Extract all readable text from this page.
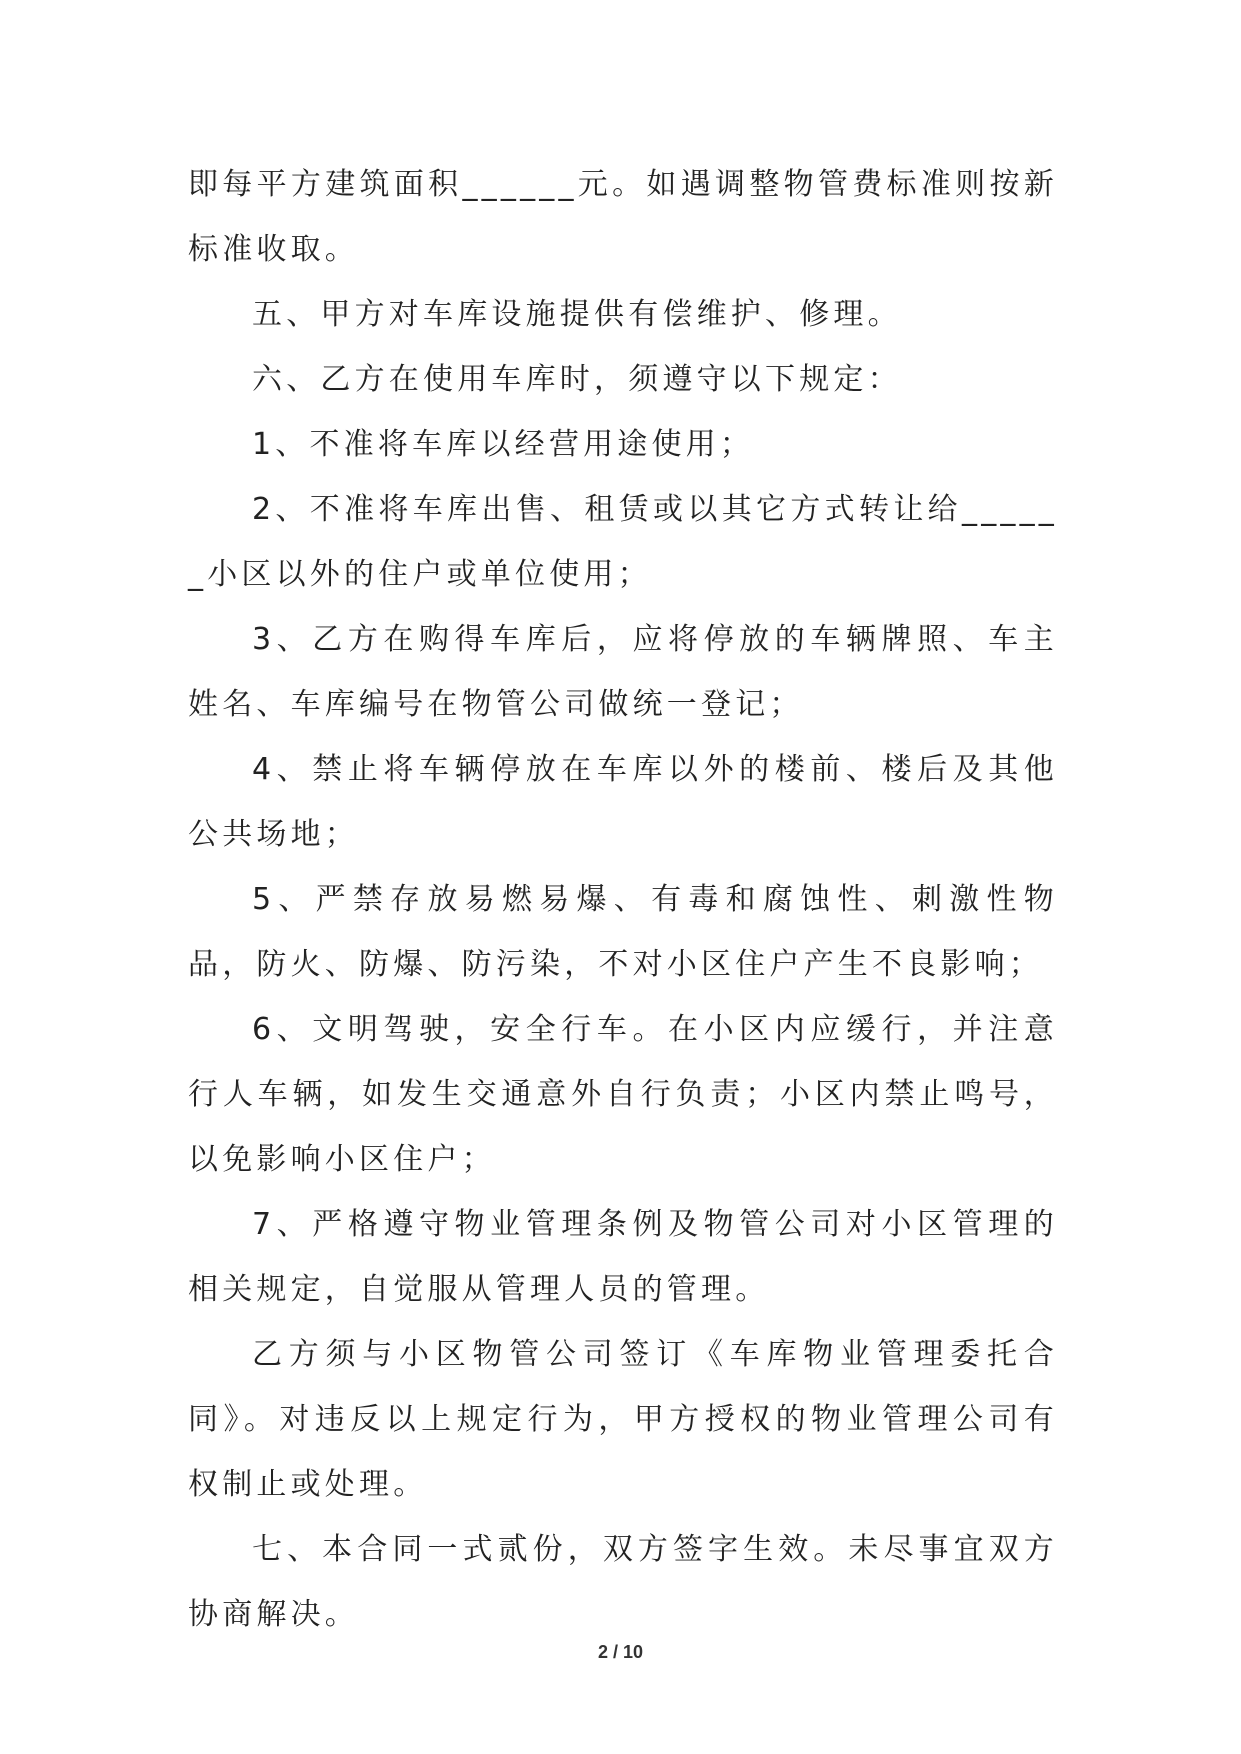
即每平方建筑面积______元。如遇调整物管费标准则按新标准收取。

五、甲方对车库设施提供有偿维护、修理。

六、乙方在使用车库时，须遵守以下规定：

1、不准将车库以经营用途使用；

2、不准将车库出售、租赁或以其它方式转让给______小区以外的住户或单位使用；

3、乙方在购得车库后，应将停放的车辆牌照、车主姓名、车库编号在物管公司做统一登记；

4、禁止将车辆停放在车库以外的楼前、楼后及其他公共场地；

5、严禁存放易燃易爆、有毒和腐蚀性、刺激性物品，防火、防爆、防污染，不对小区住户产生不良影响；

6、文明驾驶，安全行车。在小区内应缓行，并注意行人车辆，如发生交通意外自行负责；小区内禁止鸣号，以免影响小区住户；

7、严格遵守物业管理条例及物管公司对小区管理的相关规定，自觉服从管理人员的管理。

乙方须与小区物管公司签订《车库物业管理委托合同》。对违反以上规定行为，甲方授权的物业管理公司有权制止或处理。

七、本合同一式贰份，双方签字生效。未尽事宜双方协商解决。

2 / 10
